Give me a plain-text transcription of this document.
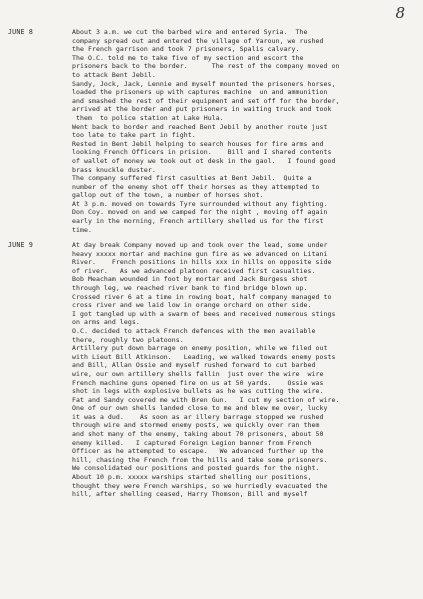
8
JUNE 8	About 3 a.m. we cut the barbed wire and entered Syria.  The
company spread out and entered the village of Yaroun, we rushed
the French garrison and took 7 prisoners, Spalis calvary.
The O.C. told me to take five of my section and escort the
prisoners back to the border.      The rest of the company moved on
to attack Bent Jebil.
Sandy, Jock, Jack, Lennie and myself mounted the prisoners horses,
loaded the prisoners up with captures machine  un and ammunition
and smashed the rest of their equipment and set off for the border,
arrived at the border and put prisoners in waiting truck and took
them  to police station at Lake Hula.
Went back to border and reached Bent Jebil by another route just
too late to take part in fight.
Rested in Bent Jebil helping to search houses for fire arms and
looking French Officers in prision.    Bill and I shared contents
of wallet of money we took out ot desk in the gaol.   I found good
brass knuckle duster.
The company suffered first casulties at Bent Jebil.  Quite a
number of the enemy shot off their horses as they attempted to
gallop out of the town, a number of horses shot.
At 3 p.m. moved on towards Tyre surrounded without any fighting.
Don Coy. moved on and we camped for the night , moving off again
early in the morning, French artillery shelled us for the first
time.
JUNE 9	At day break Company moved up and took over the lead, some under
heavy xxxxx mortar and machine gun fire as we advanced on Litani
River.    French positions in hills xxx in hills on opposite side
of river.   As we advanced platoon received first casualties.
Bob Meacham wounded in foot by mortar and Jack Burgess shot
through leg, we reached river bank to find bridge blown up.
Crossed river 6 at a time in rowing boat, half company managed to
cross river and we laid low in orange orchard on other side.
I got tangled up with a swarm of bees and received numerous stings
on arms and legs.
O.C. decided to attack French defences with the men available
there, roughly two platoons.
Artillery put down barrage on enemy position, while we filed out
with Lieut Bill Atkinson.   Leading, we walked towards enemy posts
and Bill, Allan Ossie and myself rushed forward to cut barbed
wire, our own artillery shells fallin  just over the wire  wire
French machine guns opened fire on us at 50 yards.    Ossie was
shot in legs with explosive bullets as he was cutting the wire.
Fat and Sandy covered me with Bren Gun.   I cut my section of wire.
One of our own shells landed close to me and blew me over, lucky
it was a dud.    As soon as ar illery barrage stopped we rushed
through wire and stormed enemy posts, we quickly over ran them
and shot many of the enemy, taking about 70 prisoners, about 50
enemy killed.   I captured Foreign Legion banner from French
Officer as he attempted to escape.   We advanced further up the
hill, chasing the French from the hills and take some prisoners.
We consolidated our positions and posted guards for the night.
About 10 p.m. xxxxx warships started shelling our positions,
thought they were French warships, so we hurriedly evacuated the
hill, after shelling ceased, Harry Thomson, Bill and myself
